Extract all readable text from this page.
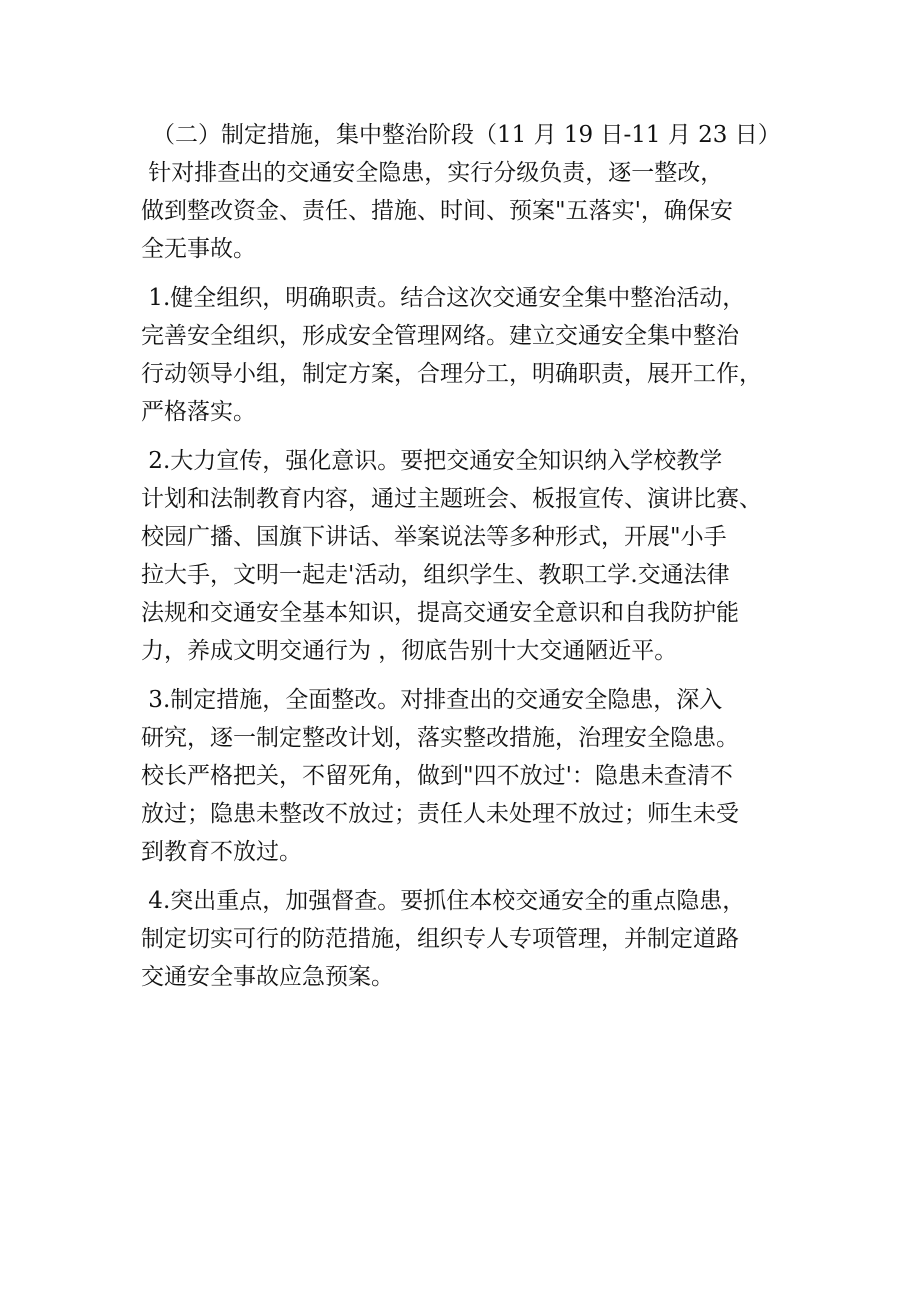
（二）制定措施，集中整治阶段（11 月 19 日-11 月 23 日）
针对排查出的交通安全隐患，实行分级负责，逐一整改，
做到整改资金、责任、措施、时间、预案"五落实'，确保安
全无事故。
1.健全组织，明确职责。结合这次交通安全集中整治活动，
完善安全组织，形成安全管理网络。建立交通安全集中整治
行动领导小组，制定方案，合理分工，明确职责，展开工作，
严格落实。
2.大力宣传，强化意识。要把交通安全知识纳入学校教学
计划和法制教育内容，通过主题班会、板报宣传、演讲比赛、
校园广播、国旗下讲话、举案说法等多种形式，开展"小手
拉大手，文明一起走'活动，组织学生、教职工学.交通法律
法规和交通安全基本知识，提高交通安全意识和自我防护能
力，养成文明交通行为 ，彻底告别十大交通陋近平。
3.制定措施，全面整改。对排查出的交通安全隐患，深入
研究，逐一制定整改计划，落实整改措施，治理安全隐患。
校长严格把关，不留死角，做到"四不放过'：隐患未查清不
放过；隐患未整改不放过；责任人未处理不放过；师生未受
到教育不放过。
4.突出重点，加强督查。要抓住本校交通安全的重点隐患，
制定切实可行的防范措施，组织专人专项管理，并制定道路
交通安全事故应急预案。
